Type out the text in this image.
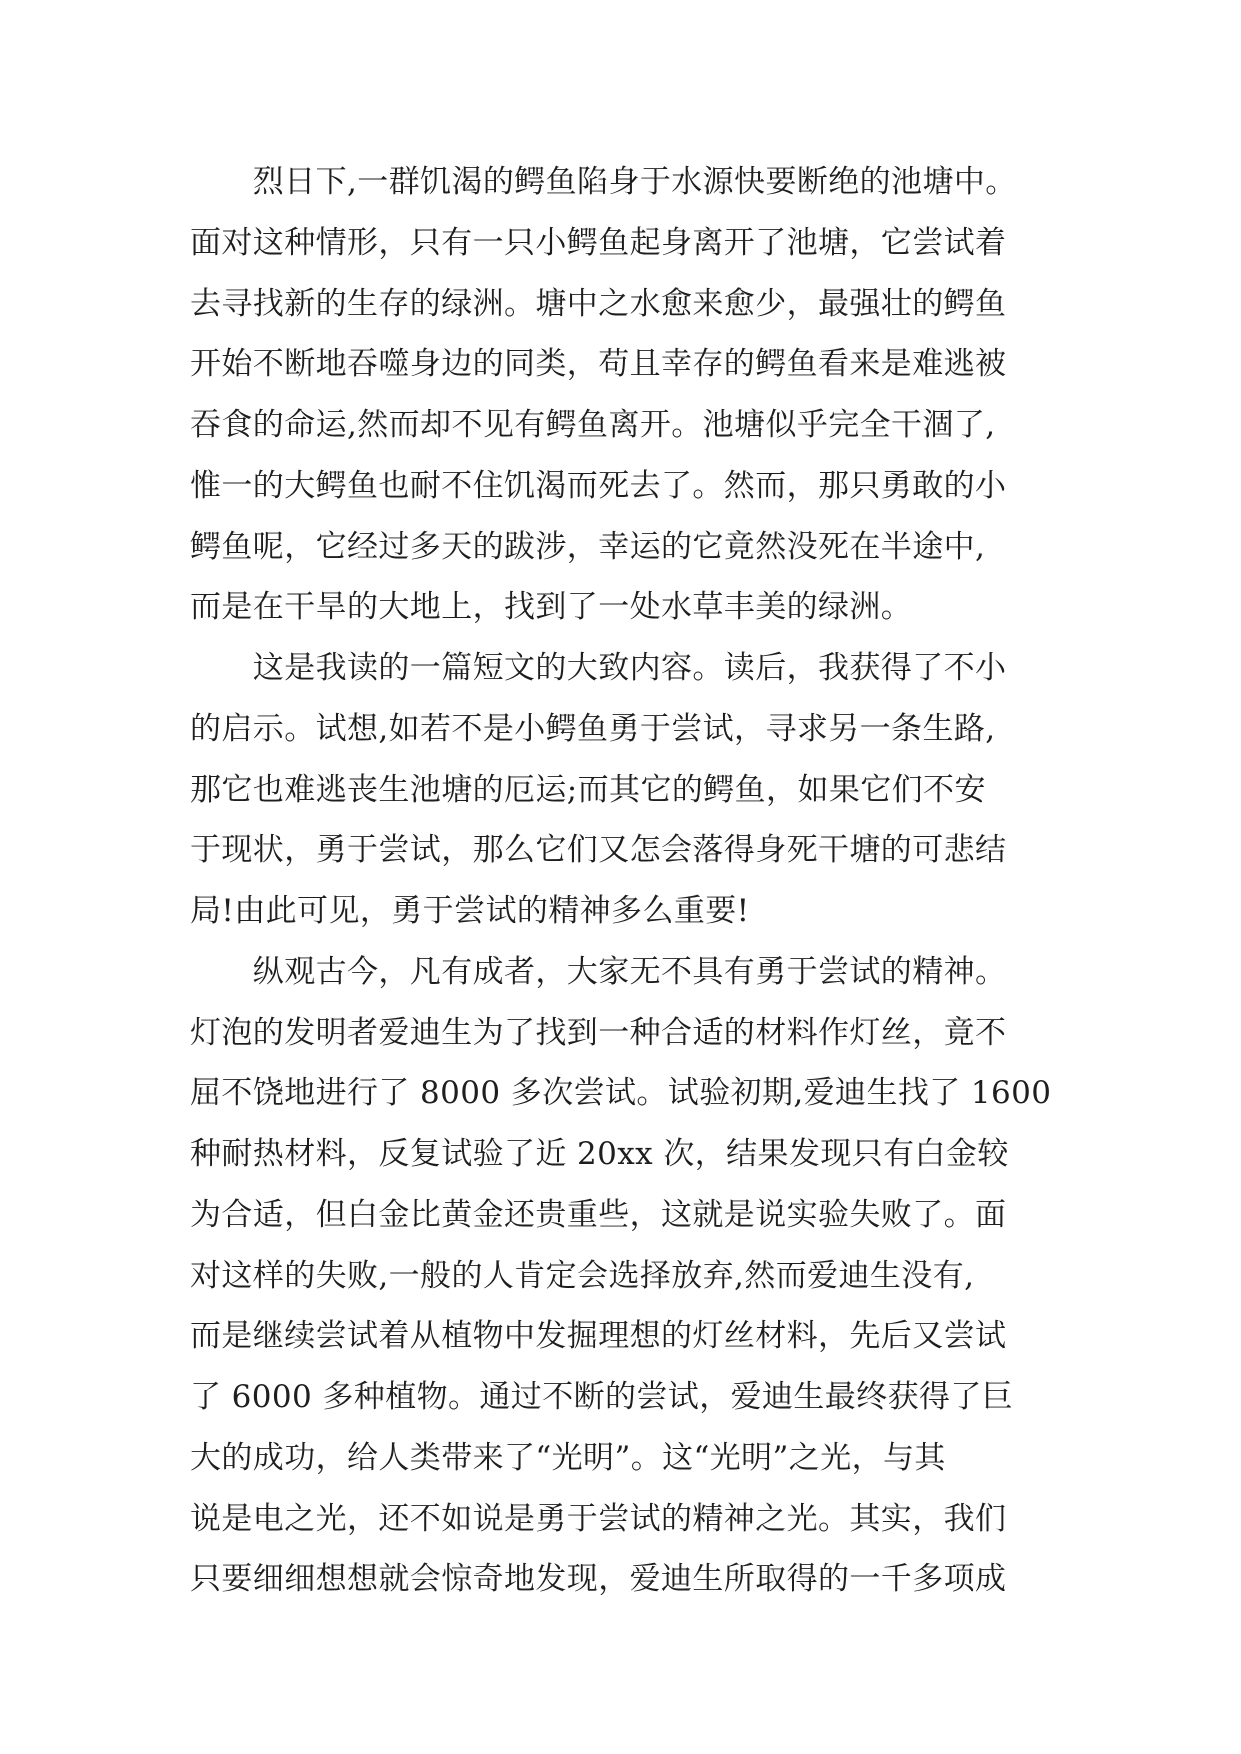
　　烈日下,一群饥渴的鳄鱼陷身于水源快要断绝的池塘中。
面对这种情形，只有一只小鳄鱼起身离开了池塘，它尝试着
去寻找新的生存的绿洲。塘中之水愈来愈少，最强壮的鳄鱼
开始不断地吞噬身边的同类，苟且幸存的鳄鱼看来是难逃被
吞食的命运,然而却不见有鳄鱼离开。池塘似乎完全干涸了,
惟一的大鳄鱼也耐不住饥渴而死去了。然而，那只勇敢的小
鳄鱼呢，它经过多天的跋涉，幸运的它竟然没死在半途中,
而是在干旱的大地上，找到了一处水草丰美的绿洲。
　　这是我读的一篇短文的大致内容。读后，我获得了不小
的启示。试想,如若不是小鳄鱼勇于尝试，寻求另一条生路,
那它也难逃丧生池塘的厄运;而其它的鳄鱼，如果它们不安
于现状，勇于尝试，那么它们又怎会落得身死干塘的可悲结
局!由此可见，勇于尝试的精神多么重要!
　　纵观古今，凡有成者，大家无不具有勇于尝试的精神。
灯泡的发明者爱迪生为了找到一种合适的材料作灯丝，竟不
屈不饶地进行了 8000 多次尝试。试验初期,爱迪生找了 1600
种耐热材料，反复试验了近 20xx 次，结果发现只有白金较
为合适，但白金比黄金还贵重些，这就是说实验失败了。面
对这样的失败,一般的人肯定会选择放弃,然而爱迪生没有,
而是继续尝试着从植物中发掘理想的灯丝材料，先后又尝试
了 6000 多种植物。通过不断的尝试，爱迪生最终获得了巨
大的成功，给人类带来了“光明”。这“光明”之光，与其
说是电之光，还不如说是勇于尝试的精神之光。其实，我们
只要细细想想就会惊奇地发现，爱迪生所取得的一千多项成
